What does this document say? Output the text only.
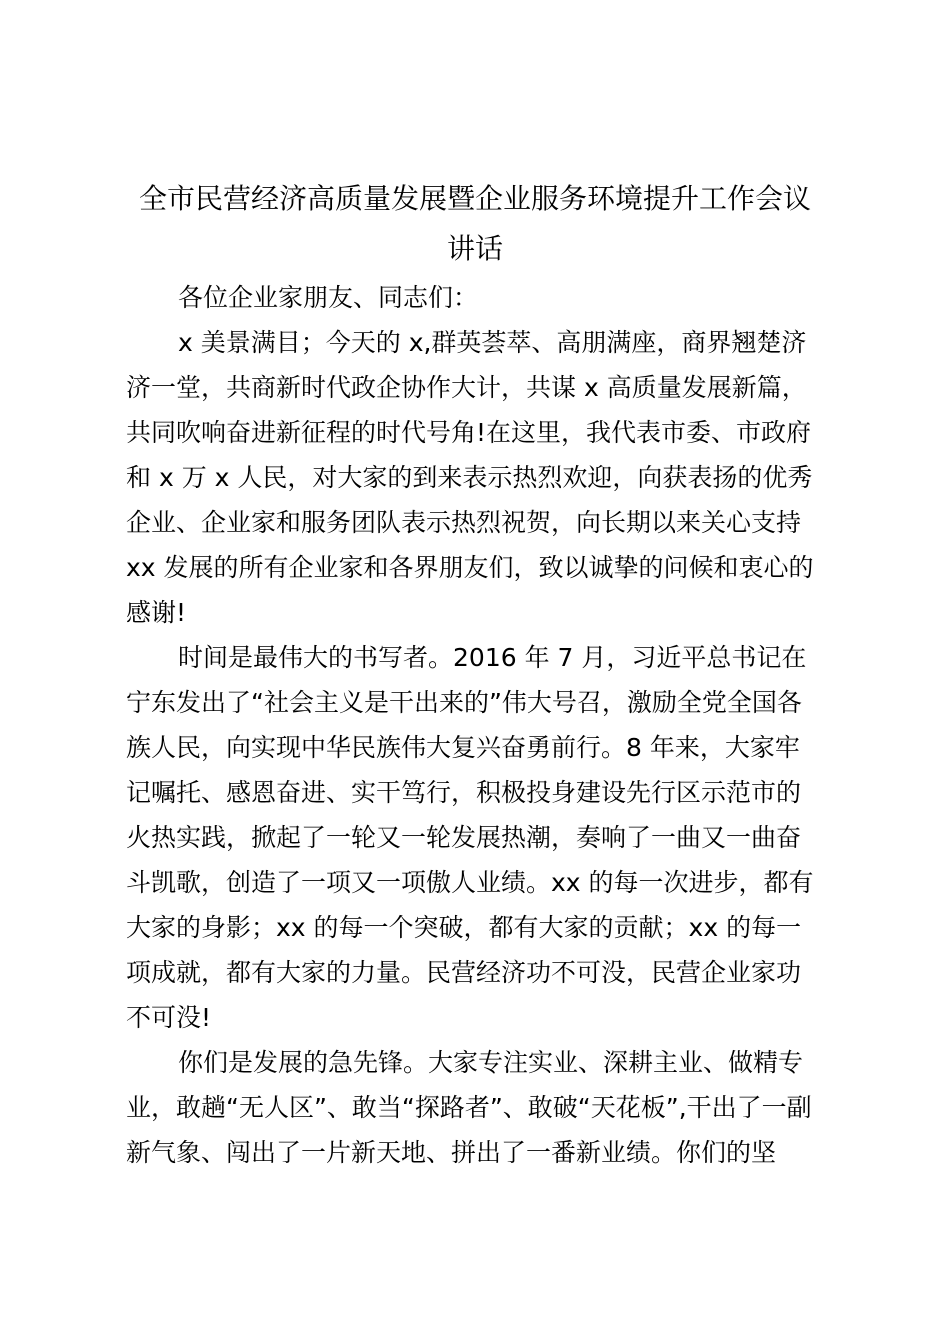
全市民营经济高质量发展暨企业服务环境提升工作会议
讲话
各位企业家朋友、同志们：
x 美景满目；今天的 x,群英荟萃、高朋满座，商界翘楚济
济一堂，共商新时代政企协作大计，共谋 x 高质量发展新篇，
共同吹响奋进新征程的时代号角!在这里，我代表市委、市政府
和 x 万 x 人民，对大家的到来表示热烈欢迎，向获表扬的优秀
企业、企业家和服务团队表示热烈祝贺，向长期以来关心支持
xx 发展的所有企业家和各界朋友们，致以诚挚的问候和衷心的
感谢!
时间是最伟大的书写者。2016 年 7 月，习近平总书记在
宁东发出了“社会主义是干出来的”伟大号召，激励全党全国各
族人民，向实现中华民族伟大复兴奋勇前行。8 年来，大家牢
记嘱托、感恩奋进、实干笃行，积极投身建设先行区示范市的
火热实践，掀起了一轮又一轮发展热潮，奏响了一曲又一曲奋
斗凯歌，创造了一项又一项傲人业绩。xx 的每一次进步，都有
大家的身影；xx 的每一个突破，都有大家的贡献；xx 的每一
项成就，都有大家的力量。民营经济功不可没，民营企业家功
不可没!
你们是发展的急先锋。大家专注实业、深耕主业、做精专
业，敢趟“无人区”、敢当“探路者”、敢破“天花板”,干出了一副
新气象、闯出了一片新天地、拼出了一番新业绩。你们的坚
